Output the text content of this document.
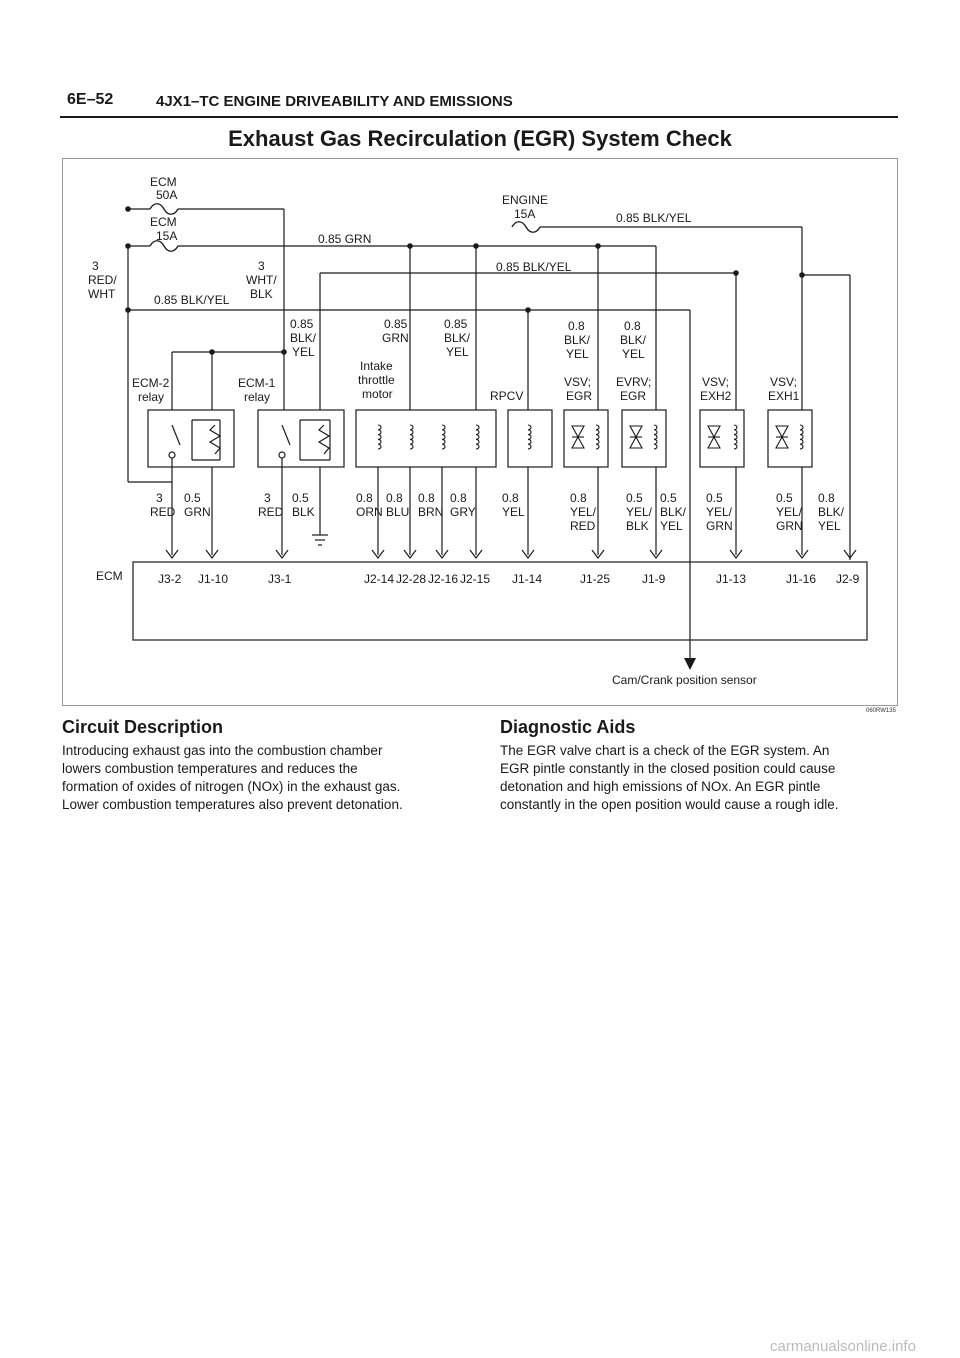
6E–52	4JX1–TC ENGINE DRIVEABILITY AND EMISSIONS
Exhaust Gas Recirculation (EGR) System Check
ECM
50A
ECM
15A
ENGINE
15A
0.85 GRN
0.85 BLK/YEL
0.85 BLK/YEL
0.85 BLK/YEL
3
RED/
WHT
3
WHT/
BLK
0.85
BLK/
YEL
0.85
GRN
0.85
BLK/
YEL
0.8
BLK/
YEL
0.8
BLK/
YEL
ECM-2
relay
ECM-1
relay
Intake
throttle
motor	RPCV
VSV;
EGR
EVRV;
EGR
VSV;
EXH2
VSV;
EXH1
ECM
Cam/Crank position sensor
3
RED
0.5
GRN
3
RED
0.5
BLK
0.8
ORN
0.8
BLU
0.8
BRN
0.8
GRY
0.8
YEL
0.8
YEL/
RED
0.5
YEL/
BLK
0.5
BLK/
YEL
0.5
YEL/
GRN
0.5
YEL/
GRN
0.8
BLK/
YEL
J3-2 J1-10	J3-1	J2-14 J2-28 J2-16 J2-15 J1-14	J1-25	J1-9	J1-13	J1-16 J2-9
060RW135
Circuit Description
Introducing exhaust gas into the combustion chamber
lowers combustion temperatures and reduces the
formation of oxides of nitrogen (NOx) in the exhaust gas.
Lower combustion temperatures also prevent detonation.
Diagnostic Aids
The EGR valve chart is a check of the EGR system. An
EGR pintle constantly in the closed position could cause
detonation and high emissions of NOx. An EGR pintle
constantly in the open position would cause a rough idle.
carmanualsonline.info
